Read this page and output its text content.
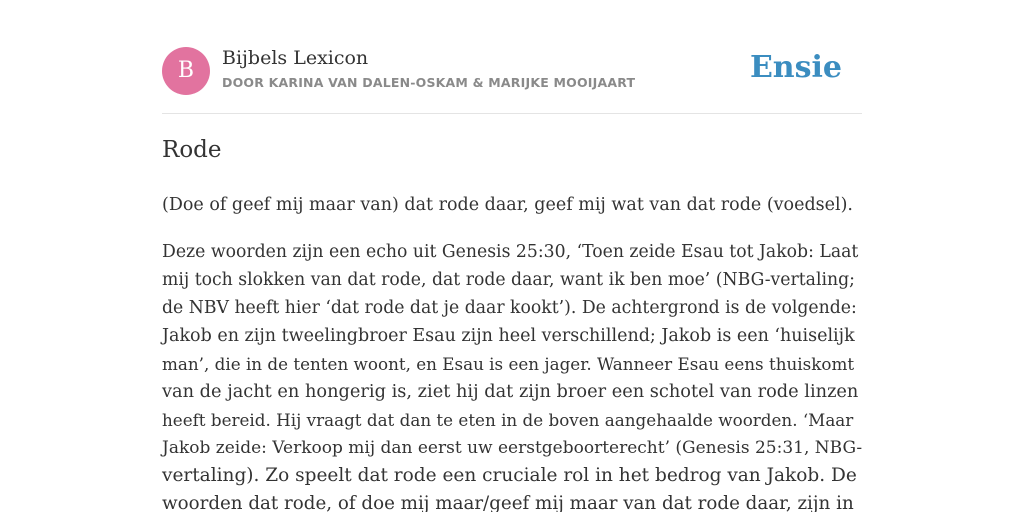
B	Bijbels Lexicon
DOOR KARINA VAN DALEN-OSKAM & MARIJKE MOOIJAART	Ensie
Rode
(Doe of geef mij maar van) dat rode daar, geef mij wat van dat rode (voedsel).
Deze woorden zijn een echo uit Genesis 25:30, ‘Toen zeide Esau tot Jakob: Laat
mij toch slokken van dat rode, dat rode daar, want ik ben moe’ (NBG-vertaling;
de NBV heeft hier ‘dat rode dat je daar kookt’). De achtergrond is de volgende:
Jakob en zijn tweelingbroer Esau zijn heel verschillend; Jakob is een ‘huiselijk
man’, die in de tenten woont, en Esau is een jager. Wanneer Esau eens thuiskomt
van de jacht en hongerig is, ziet hij dat zijn broer een schotel van rode linzen
heeft bereid. Hij vraagt dat dan te eten in de boven aangehaalde woorden. ‘Maar
Jakob zeide: Verkoop mij dan eerst uw eerstgeboorterecht’ (Genesis 25:31, NBG-
vertaling). Zo speelt dat rode een cruciale rol in het bedrog van Jakob. De
woorden dat rode, of doe mij maar/geef mij maar van dat rode daar, zijn in
